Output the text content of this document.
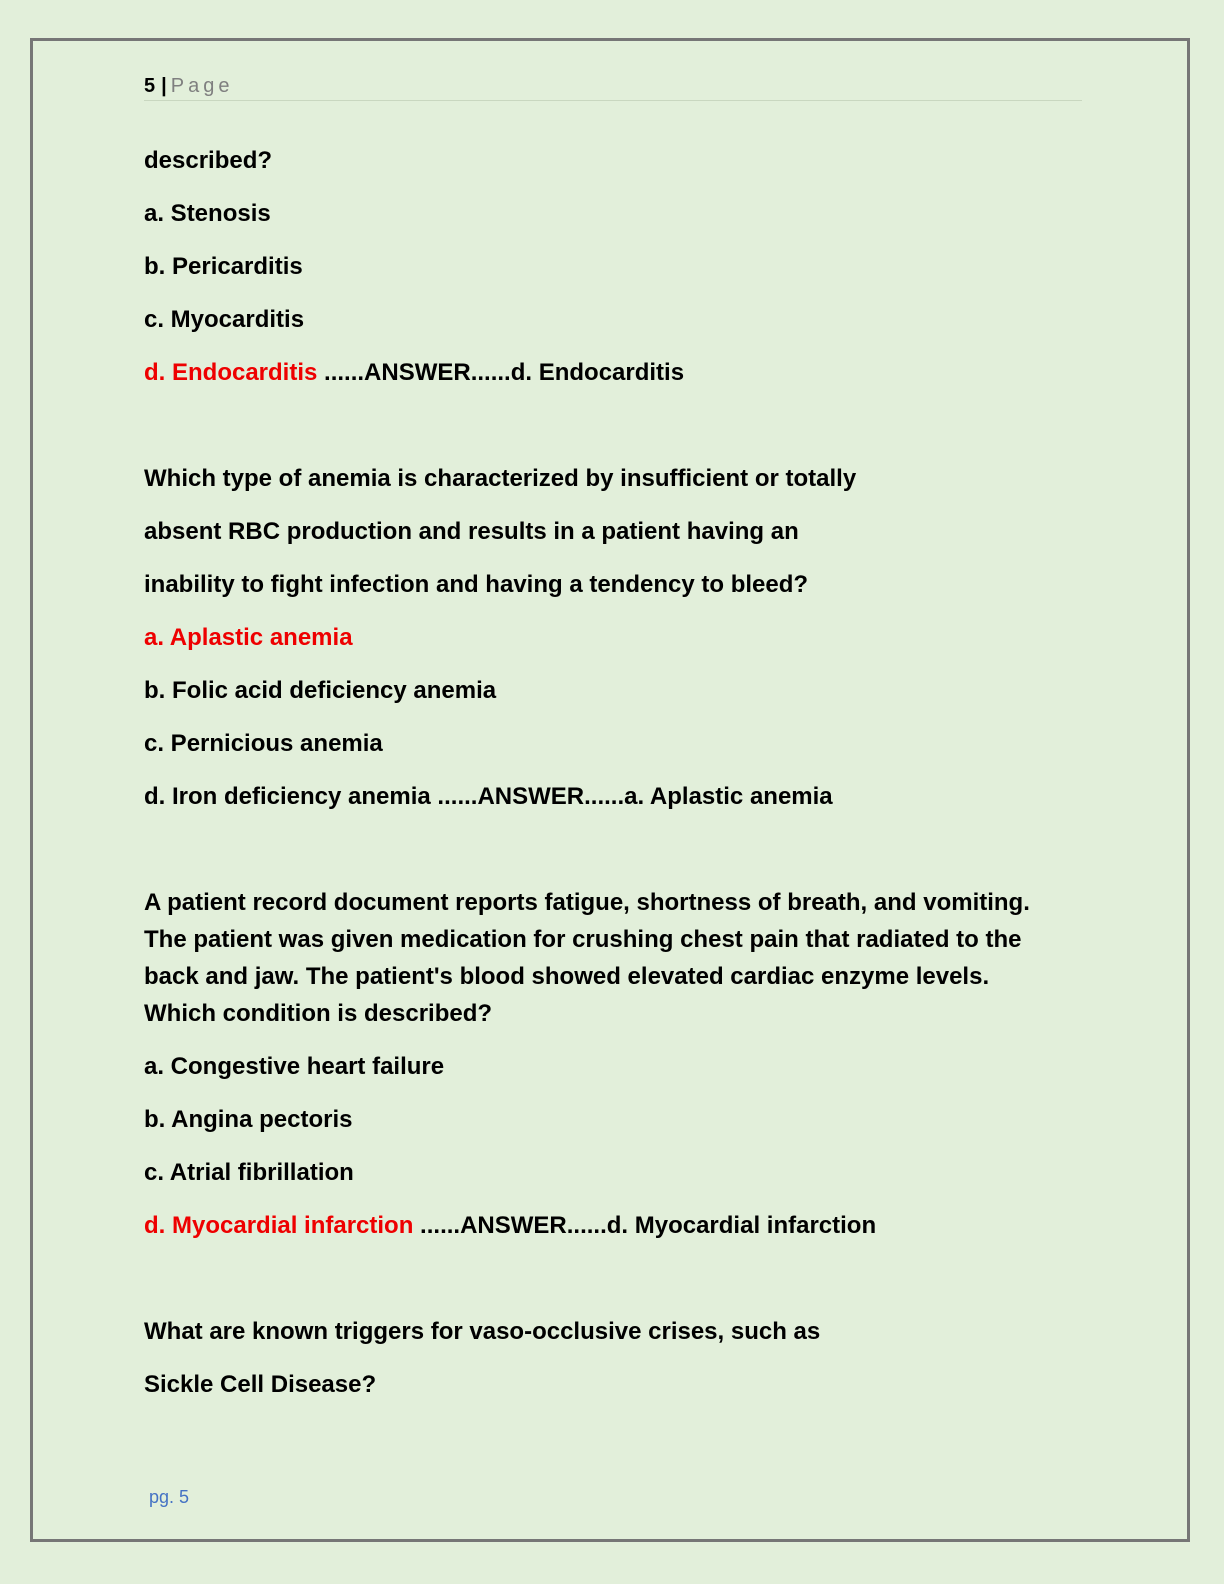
5 | Page
described?
a. Stenosis
b. Pericarditis
c. Myocarditis
d. Endocarditis ......ANSWER......d. Endocarditis
Which type of anemia is characterized by insufficient or totally
absent RBC production and results in a patient having an
inability to fight infection and having a tendency to bleed?
a. Aplastic anemia
b. Folic acid deficiency anemia
c. Pernicious anemia
d. Iron deficiency anemia ......ANSWER......a. Aplastic anemia
A patient record document reports fatigue, shortness of breath, and vomiting.
The patient was given medication for crushing chest pain that radiated to the
back and jaw. The patient's blood showed elevated cardiac enzyme levels.
Which condition is described?
a. Congestive heart failure
b. Angina pectoris
c. Atrial fibrillation
d. Myocardial infarction ......ANSWER......d. Myocardial infarction
What are known triggers for vaso-occlusive crises, such as
Sickle Cell Disease?
pg. 5
